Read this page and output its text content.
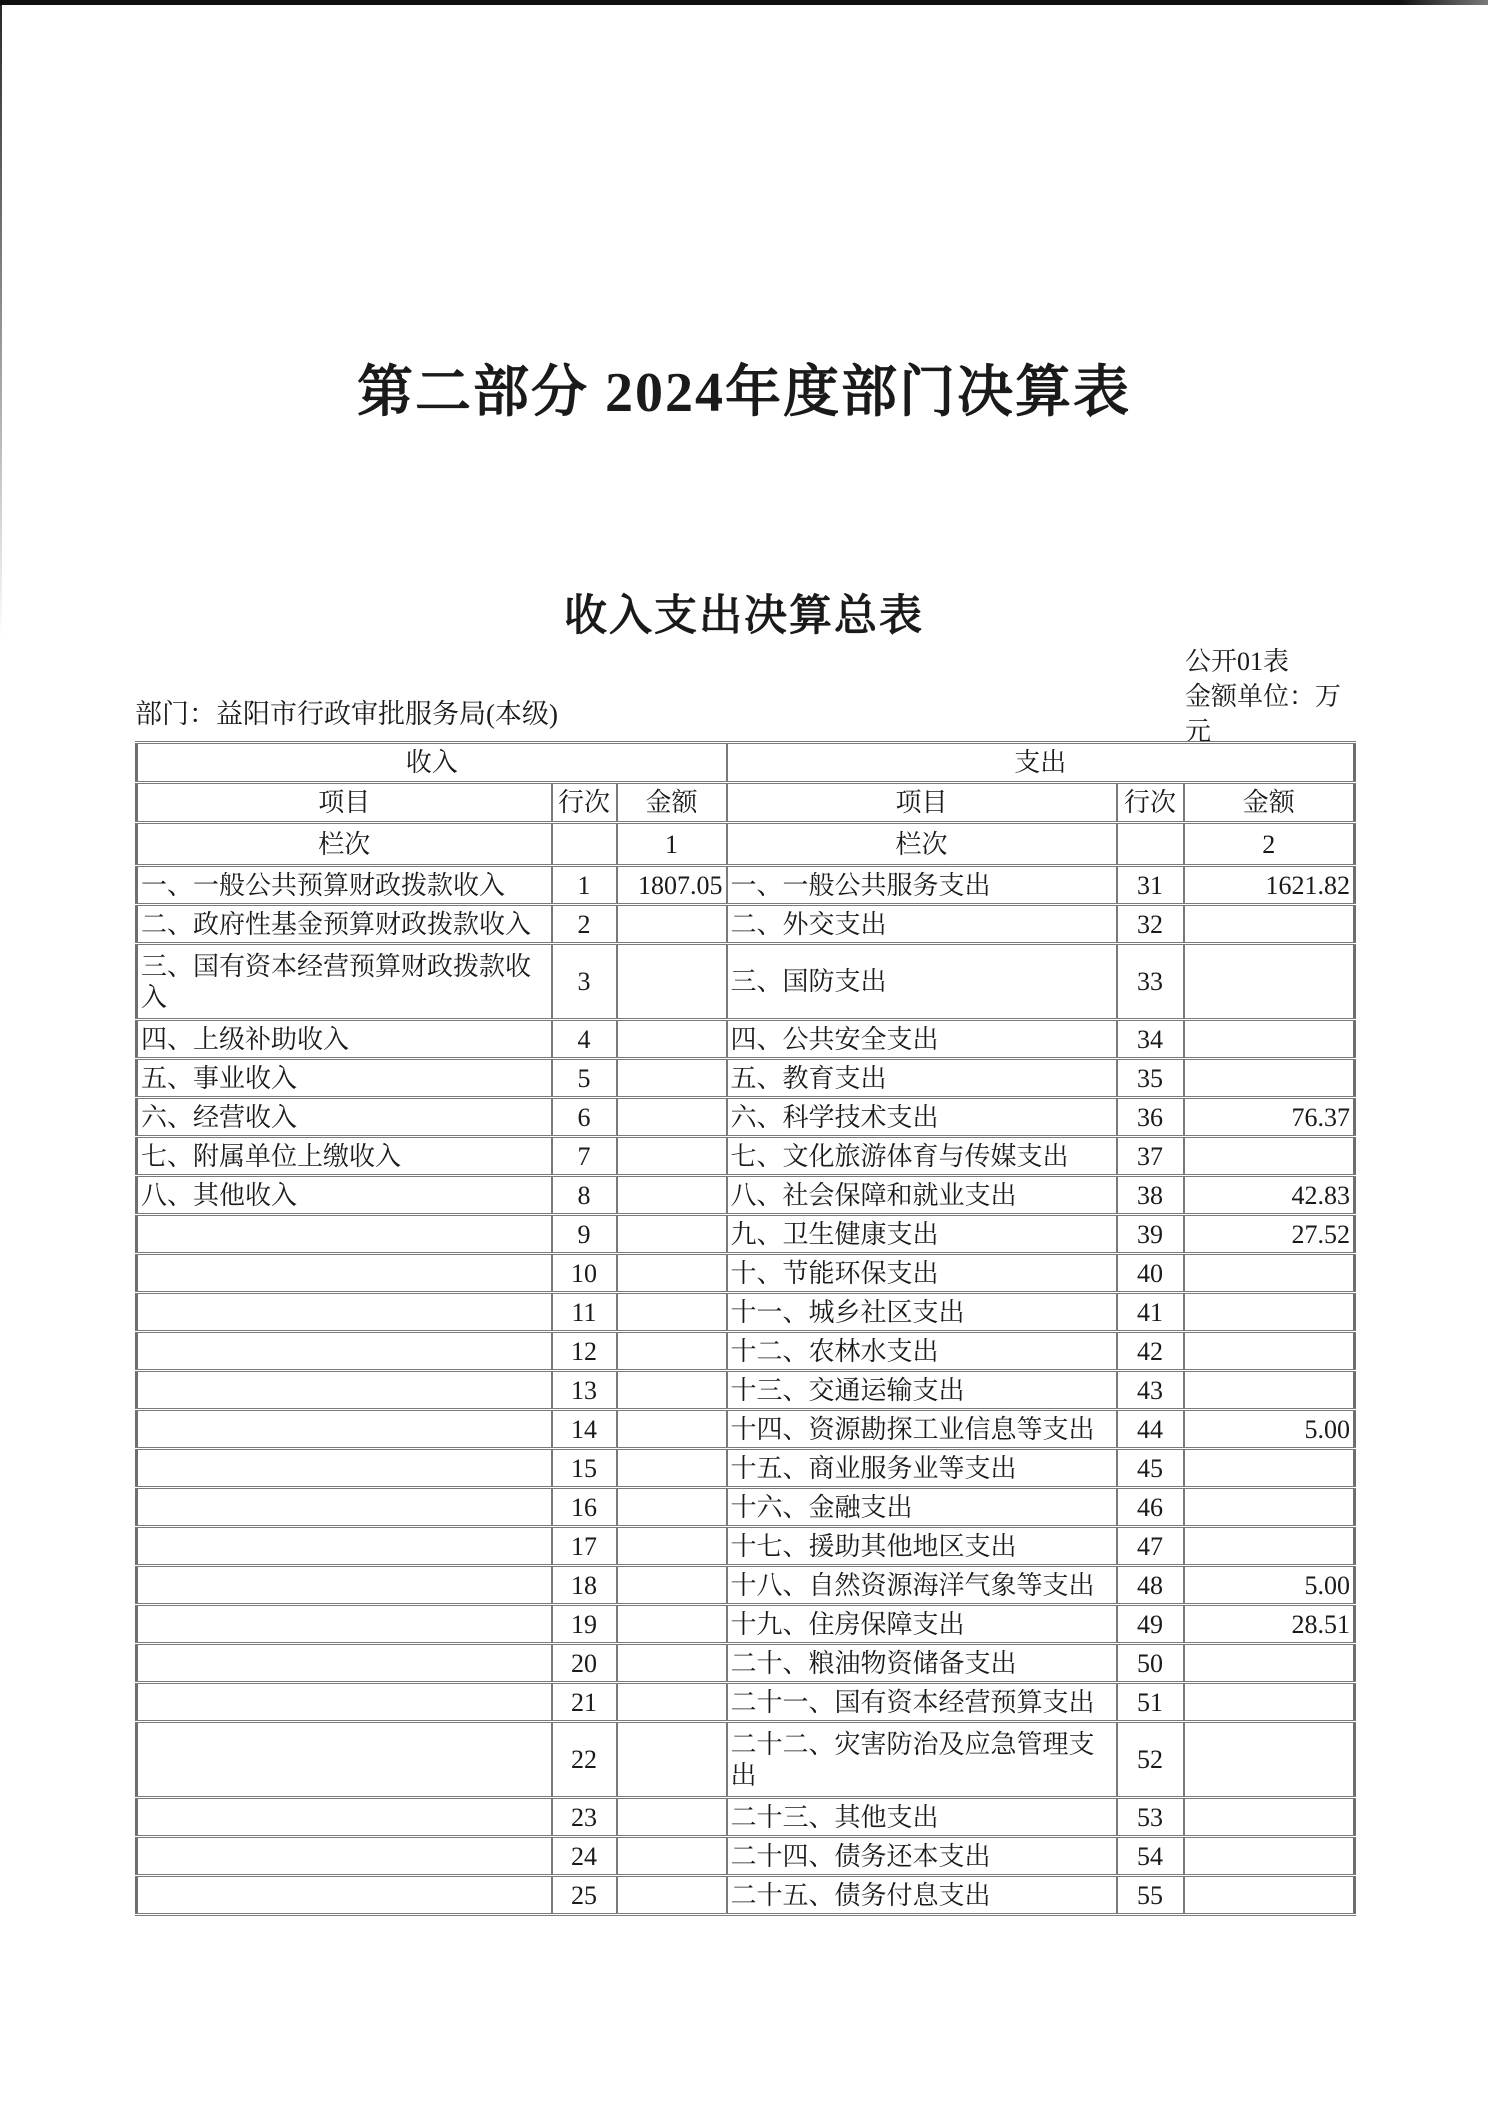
第二部分 2024年度部门决算表
收入支出决算总表
公开01表
金额单位：万元
部门：益阳市行政审批服务局(本级)
收入			支出		
项目	行次	金额	项目	行次	金额
栏次		1	栏次		2
一、一般公共预算财政拨款收入	1	1807.05	一、一般公共服务支出	31	1621.82
二、政府性基金预算财政拨款收入	2		二、外交支出	32	
三、国有资本经营预算财政拨款收入	3		三、国防支出	33	
四、上级补助收入	4		四、公共安全支出	34	
五、事业收入	5		五、教育支出	35	
六、经营收入	6		六、科学技术支出	36	76.37
七、附属单位上缴收入	7		七、文化旅游体育与传媒支出	37	
八、其他收入	8		八、社会保障和就业支出	38	42.83
	9		九、卫生健康支出	39	27.52
	10		十、节能环保支出	40	
	11		十一、城乡社区支出	41	
	12		十二、农林水支出	42	
	13		十三、交通运输支出	43	
	14		十四、资源勘探工业信息等支出	44	5.00
	15		十五、商业服务业等支出	45	
	16		十六、金融支出	46	
	17		十七、援助其他地区支出	47	
	18		十八、自然资源海洋气象等支出	48	5.00
	19		十九、住房保障支出	49	28.51
	20		二十、粮油物资储备支出	50	
	21		二十一、国有资本经营预算支出	51	
	22		二十二、灾害防治及应急管理支出	52	
	23		二十三、其他支出	53	
	24		二十四、债务还本支出	54	
	25		二十五、债务付息支出	55	
